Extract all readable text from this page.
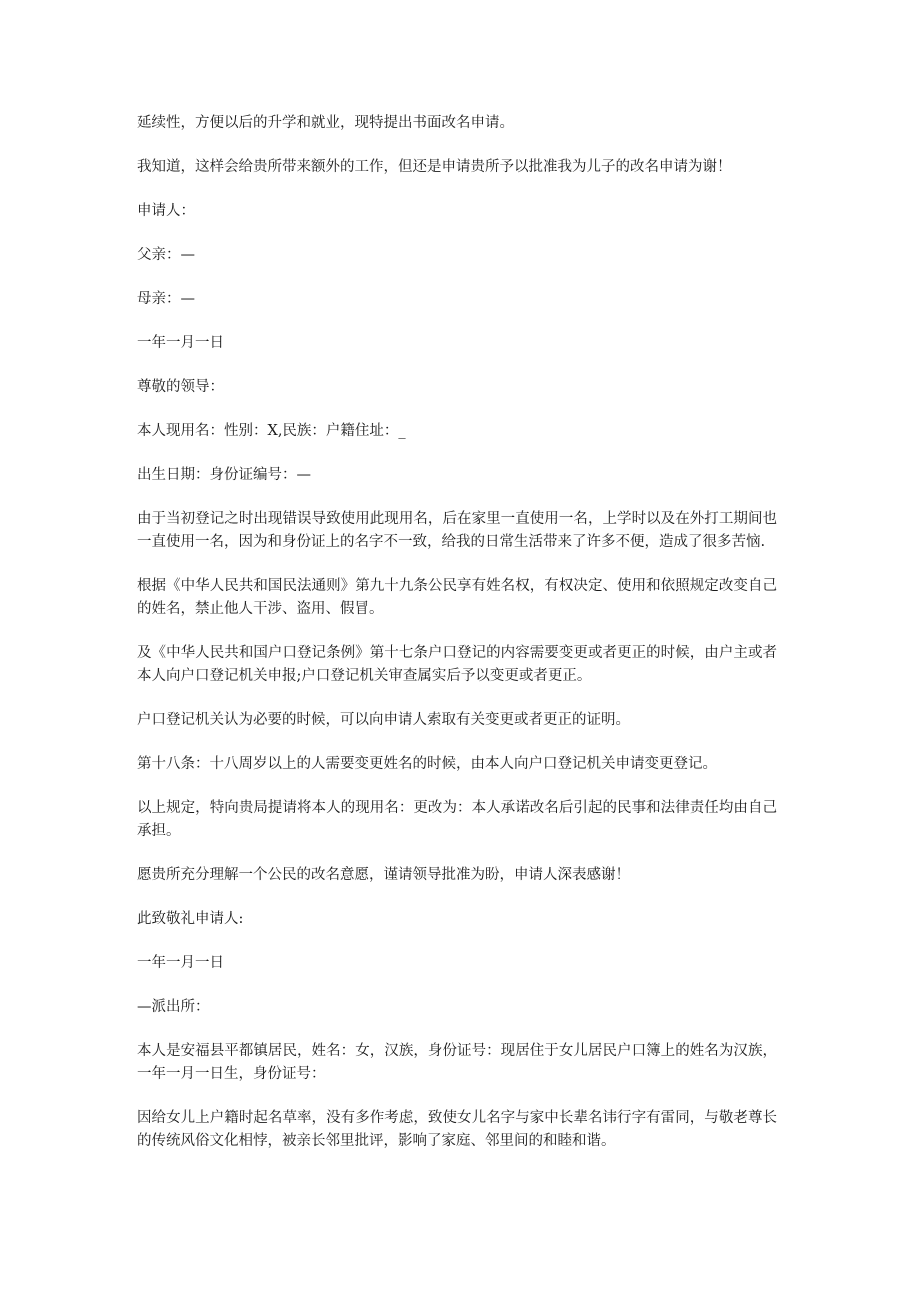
延续性，方便以后的升学和就业，现特提出书面改名申请。

我知道，这样会给贵所带来额外的工作，但还是申请贵所予以批准我为儿子的改名申请为谢！

申请人：

父亲：—

母亲：—

一年一月一日

尊敬的领导：

本人现用名：性别：X,民族：户籍住址：_

出生日期：身份证编号：—

由于当初登记之时出现错误导致使用此现用名，后在家里一直使用一名，上学时以及在外打工期间也一直使用一名，因为和身份证上的名字不一致，给我的日常生活带来了许多不便，造成了很多苦恼.

根据《中华人民共和国民法通则》第九十九条公民享有姓名权，有权决定、使用和依照规定改变自己的姓名，禁止他人干涉、盗用、假冒。

及《中华人民共和国户口登记条例》第十七条户口登记的内容需要变更或者更正的时候，由户主或者本人向户口登记机关申报;户口登记机关审查属实后予以变更或者更正。

户口登记机关认为必要的时候，可以向申请人索取有关变更或者更正的证明。

第十八条：十八周岁以上的人需要变更姓名的时候，由本人向户口登记机关申请变更登记。

以上规定，特向贵局提请将本人的现用名：更改为：本人承诺改名后引起的民事和法律责任均由自己承担。

愿贵所充分理解一个公民的改名意愿，谨请领导批准为盼，申请人深表感谢！

此致敬礼申请人:

一年一月一日

—派出所：

本人是安福县平都镇居民，姓名：女，汉族，身份证号：现居住于女儿居民户口簿上的姓名为汉族，一年一月一日生，身份证号：

因给女儿上户籍时起名草率，没有多作考虑，致使女儿名字与家中长辈名讳行字有雷同，与敬老尊长的传统风俗文化相悖，被亲长邻里批评，影响了家庭、邻里间的和睦和谐。
